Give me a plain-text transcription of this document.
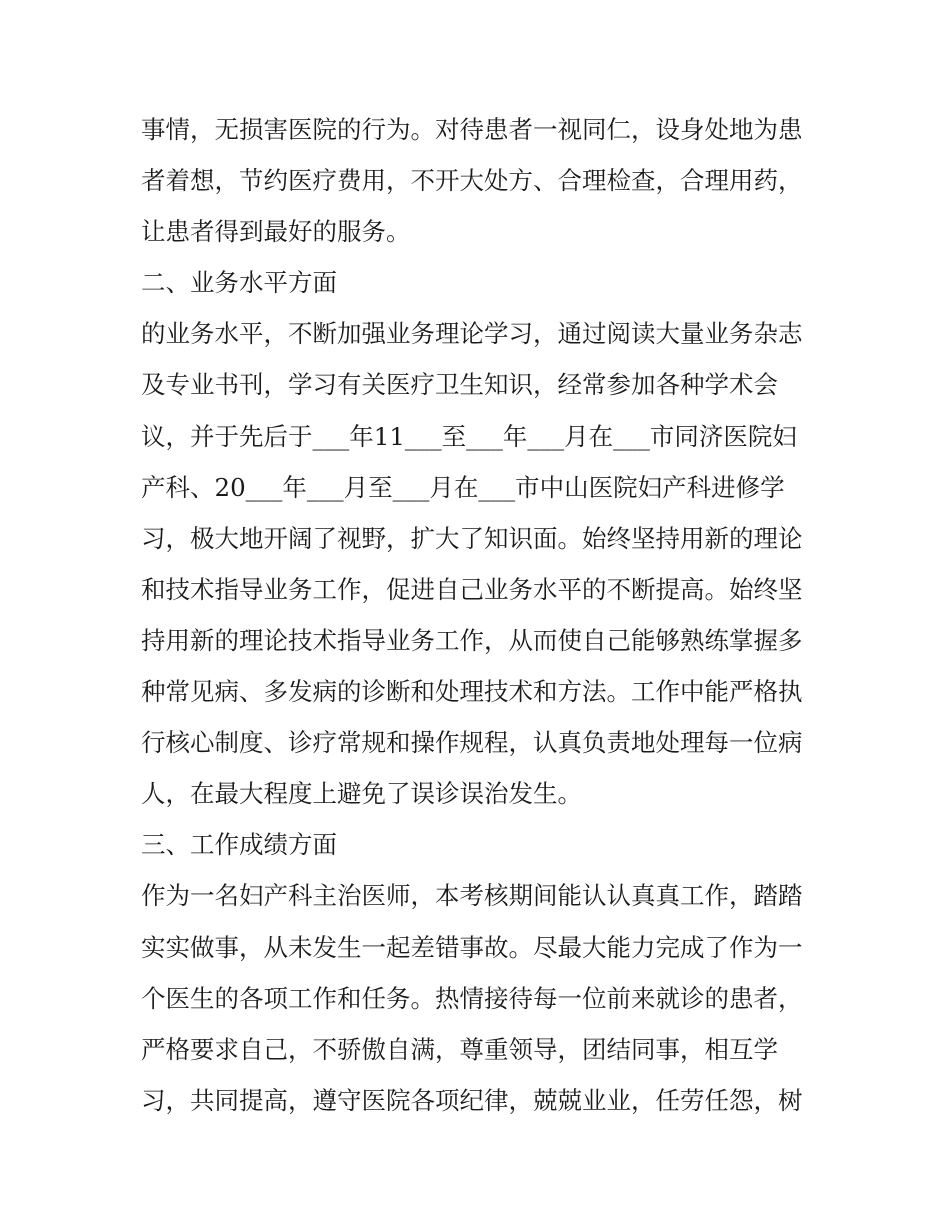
事情，无损害医院的行为。对待患者一视同仁，设身处地为患
者着想，节约医疗费用，不开大处方、合理检查，合理用药，
让患者得到最好的服务。
二、业务水平方面
的业务水平，不断加强业务理论学习，通过阅读大量业务杂志
及专业书刊，学习有关医疗卫生知识，经常参加各种学术会
议，并于先后于___年11___至___年___月在___市同济医院妇
产科、20___年___月至___月在___市中山医院妇产科进修学
习，极大地开阔了视野，扩大了知识面。始终坚持用新的理论
和技术指导业务工作，促进自己业务水平的不断提高。始终坚
持用新的理论技术指导业务工作，从而使自己能够熟练掌握多
种常见病、多发病的诊断和处理技术和方法。工作中能严格执
行核心制度、诊疗常规和操作规程，认真负责地处理每一位病
人，在最大程度上避免了误诊误治发生。
三、工作成绩方面
作为一名妇产科主治医师，本考核期间能认认真真工作，踏踏
实实做事，从未发生一起差错事故。尽最大能力完成了作为一
个医生的各项工作和任务。热情接待每一位前来就诊的患者，
严格要求自己，不骄傲自满，尊重领导，团结同事，相互学
习，共同提高，遵守医院各项纪律，兢兢业业，任劳任怨，树
